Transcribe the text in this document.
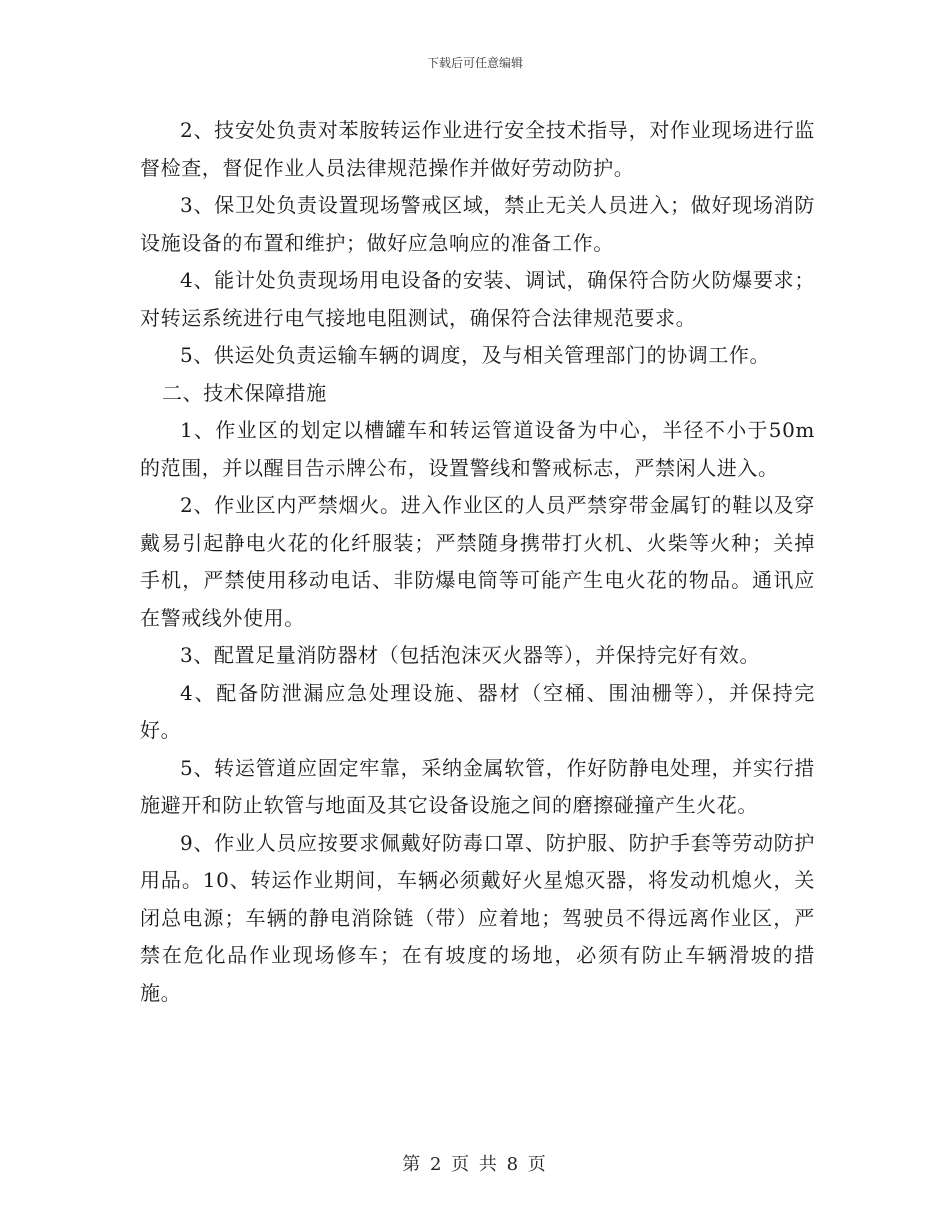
下载后可任意编辑

2、技安处负责对苯胺转运作业进行安全技术指导，对作业现场进行监督检查，督促作业人员法律规范操作并做好劳动防护。

3、保卫处负责设置现场警戒区域，禁止无关人员进入；做好现场消防设施设备的布置和维护；做好应急响应的准备工作。

4、能计处负责现场用电设备的安装、调试，确保符合防火防爆要求；对转运系统进行电气接地电阻测试，确保符合法律规范要求。

5、供运处负责运输车辆的调度，及与相关管理部门的协调工作。

二、技术保障措施

1、作业区的划定以槽罐车和转运管道设备为中心，半径不小于50m的范围，并以醒目告示牌公布，设置警线和警戒标志，严禁闲人进入。

2、作业区内严禁烟火。进入作业区的人员严禁穿带金属钉的鞋以及穿戴易引起静电火花的化纤服装；严禁随身携带打火机、火柴等火种；关掉手机，严禁使用移动电话、非防爆电筒等可能产生电火花的物品。通讯应在警戒线外使用。

3、配置足量消防器材（包括泡沫灭火器等），并保持完好有效。

4、配备防泄漏应急处理设施、器材（空桶、围油栅等），并保持完好。

5、转运管道应固定牢靠，采纳金属软管，作好防静电处理，并实行措施避开和防止软管与地面及其它设备设施之间的磨擦碰撞产生火花。

9、作业人员应按要求佩戴好防毒口罩、防护服、防护手套等劳动防护用品。10、转运作业期间，车辆必须戴好火星熄灭器，将发动机熄火，关闭总电源；车辆的静电消除链（带）应着地；驾驶员不得远离作业区，严禁在危化品作业现场修车；在有坡度的场地，必须有防止车辆滑坡的措施。

第 2 页 共 8 页
